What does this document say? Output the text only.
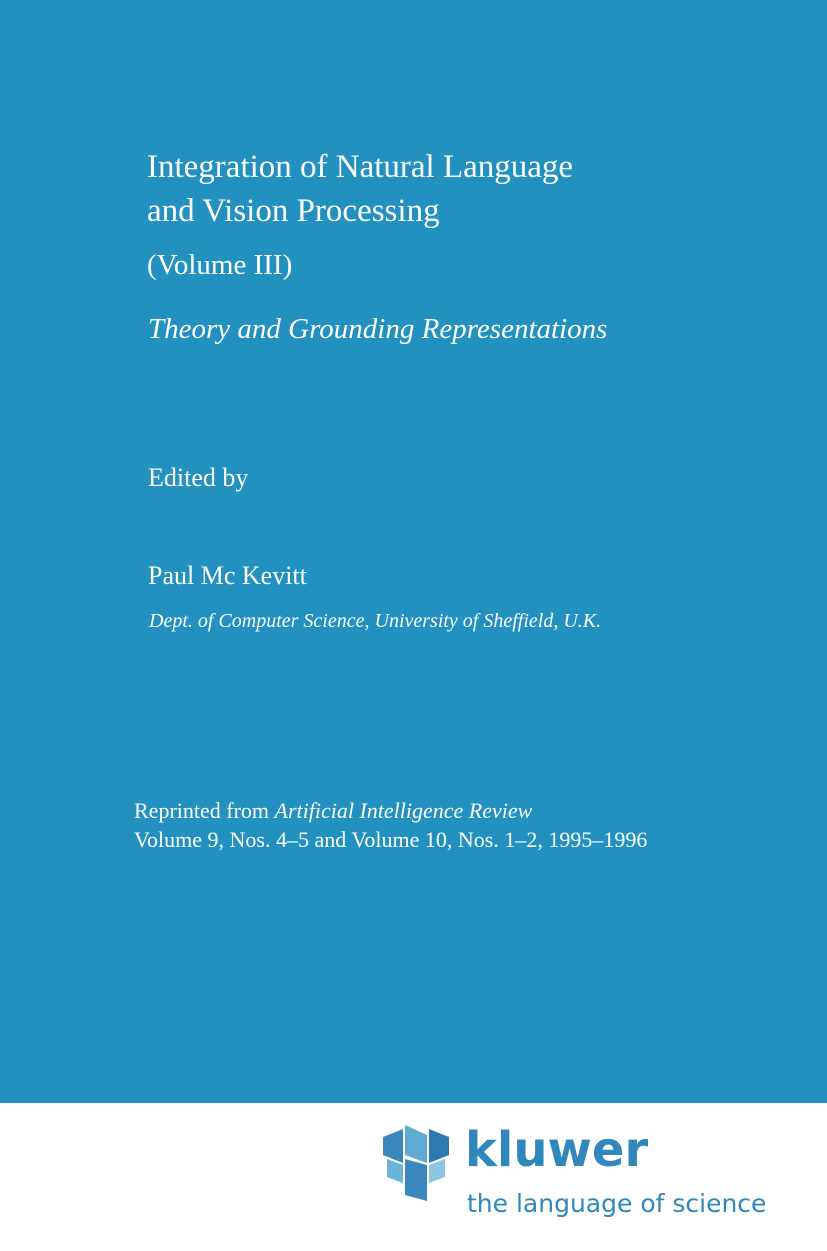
Integration of Natural Language
and Vision Processing
(Volume III)
Theory and Grounding Representations
Edited by
Paul Mc Kevitt
Dept. of Computer Science, University of Sheffield, U.K.
Reprinted from Artificial Intelligence Review
Volume 9, Nos. 4–5 and Volume 10, Nos. 1–2, 1995–1996
kluwer
the language of science
